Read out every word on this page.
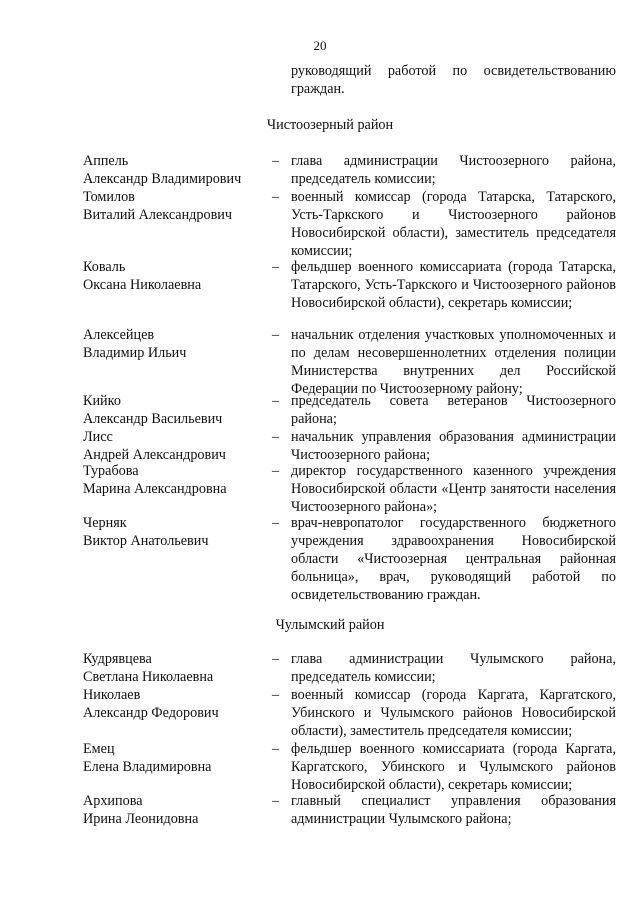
20
руководящий работой по освидетельствованию граждан.
Чистоозерный район
Аппель
Александр Владимирович
– глава администрации Чистоозерного района, председатель комиссии;
Томилов
Виталий Александрович
– военный комиссар (города Татарска, Татарского, Усть-Таркского и Чистоозерного районов Новосибирской области), заместитель председателя комиссии;
Коваль
Оксана Николаевна
– фельдшер военного комиссариата (города Татарска, Татарского, Усть-Таркского и Чистоозерного районов Новосибирской области), секретарь комиссии;
Алексейцев
Владимир Ильич
– начальник отделения участковых уполномоченных и по делам несовершеннолетних отделения полиции Министерства внутренних дел Российской Федерации по Чистоозерному району;
Кийко
Александр Васильевич
– председатель совета ветеранов Чистоозерного района;
Лисс
Андрей Александрович
– начальник управления образования администрации Чистоозерного района;
Турабова
Марина Александровна
– директор государственного казенного учреждения Новосибирской области «Центр занятости населения Чистоозерного района»;
Черняк
Виктор Анатольевич
– врач-невропатолог государственного бюджетного учреждения здравоохранения Новосибирской области «Чистоозерная центральная районная больница», врач, руководящий работой по освидетельствованию граждан.
Чулымский район
Кудрявцева
Светлана Николаевна
– глава администрации Чулымского района, председатель комиссии;
Николаев
Александр Федорович
– военный комиссар (города Каргата, Каргатского, Убинского и Чулымского районов Новосибирской области), заместитель председателя комиссии;
Емец
Елена Владимировна
– фельдшер военного комиссариата (города Каргата, Каргатского, Убинского и Чулымского районов Новосибирской области), секретарь комиссии;
Архипова
Ирина Леонидовна
– главный специалист управления образования администрации Чулымского района;
